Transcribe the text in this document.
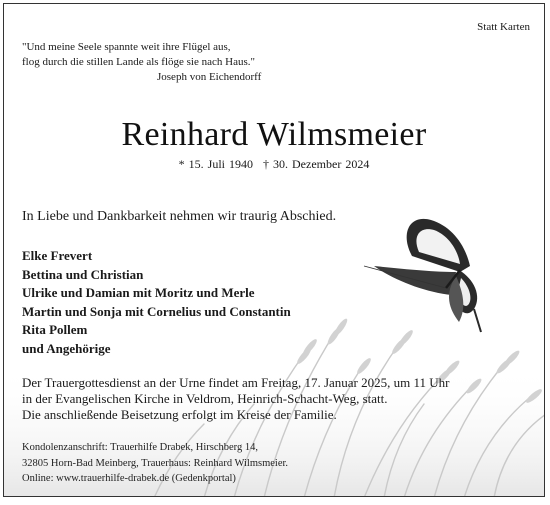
Statt Karten
"Und meine Seele spannte weit ihre Flügel aus,
flog durch die stillen Lande als flöge sie nach Haus."
Joseph von Eichendorff
Reinhard Wilmsmeier
* 15. Juli 1940 † 30. Dezember 2024
In Liebe und Dankbarkeit nehmen wir traurig Abschied.
Elke Frevert
Bettina und Christian
Ulrike und Damian mit Moritz und Merle
Martin und Sonja mit Cornelius und Constantin
Rita Pollem
und Angehörige
Der Trauergottesdienst an der Urne findet am Freitag, 17. Januar 2025, um 11 Uhr
in der Evangelischen Kirche in Veldrom, Heinrich-Schacht-Weg, statt.
Die anschließende Beisetzung erfolgt im Kreise der Familie.
Kondolenzanschrift: Trauerhilfe Drabek, Hirschberg 14,
32805 Horn-Bad Meinberg, Trauerhaus: Reinhard Wilmsmeier.
Online: www.trauerhilfe-drabek.de (Gedenkportal)
